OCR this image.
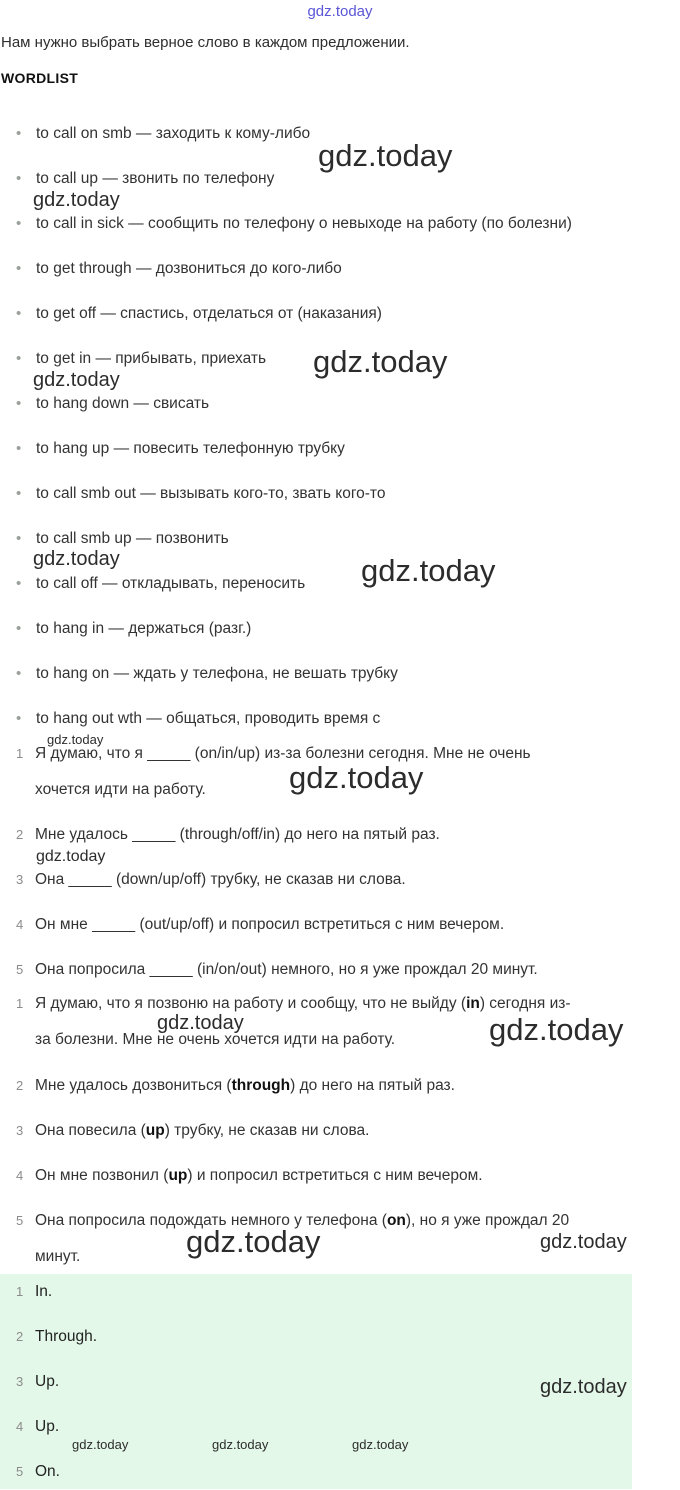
gdz.today
Нам нужно выбрать верное слово в каждом предложении.
WORDLIST
• to call on smb — заходить к кому-либо
• to call up — звонить по телефону
• to call in sick — сообщить по телефону о невыходе на работу (по болезни)
• to get through — дозвониться до кого-либо
• to get off — спастись, отделаться от (наказания)
• to get in — прибывать, приехать
• to hang down — свисать
• to hang up — повесить телефонную трубку
• to call smb out — вызывать кого-то, звать кого-то
• to call smb up — позвонить
• to call off — откладывать, переносить
• to hang in — держаться (разг.)
• to hang on — ждать у телефона, не вешать трубку
• to hang out wth — общаться, проводить время с
1 Я думаю, что я _____ (on/in/up) из-за болезни сегодня. Мне не очень
хочется идти на работу.
2 Мне удалось _____ (through/off/in) до него на пятый раз.
3 Она _____ (down/up/off) трубку, не сказав ни слова.
4 Он мне _____ (out/up/off) и попросил встретиться с ним вечером.
5 Она попросила _____ (in/on/out) немного, но я уже прождал 20 минут.
1 Я думаю, что я позвоню на работу и сообщу, что не выйду (in) сегодня из-
за болезни. Мне не очень хочется идти на работу.
2 Мне удалось дозвониться (through) до него на пятый раз.
3 Она повесила (up) трубку, не сказав ни слова.
4 Он мне позвонил (up) и попросил встретиться с ним вечером.
5 Она попросила подождать немного у телефона (on), но я уже прождал 20
минут.
1 In.
2 Through.
3 Up.
4 Up.
5 On.
gdz.today
gdz.today
gdz.today
gdz.today
gdz.today	gdz.today
gdz.today
gdz.today
gdz.today
gdz.today	gdz.today
gdz.today	gdz.today
gdz.today
gdz.today	gdz.today	gdz.today
